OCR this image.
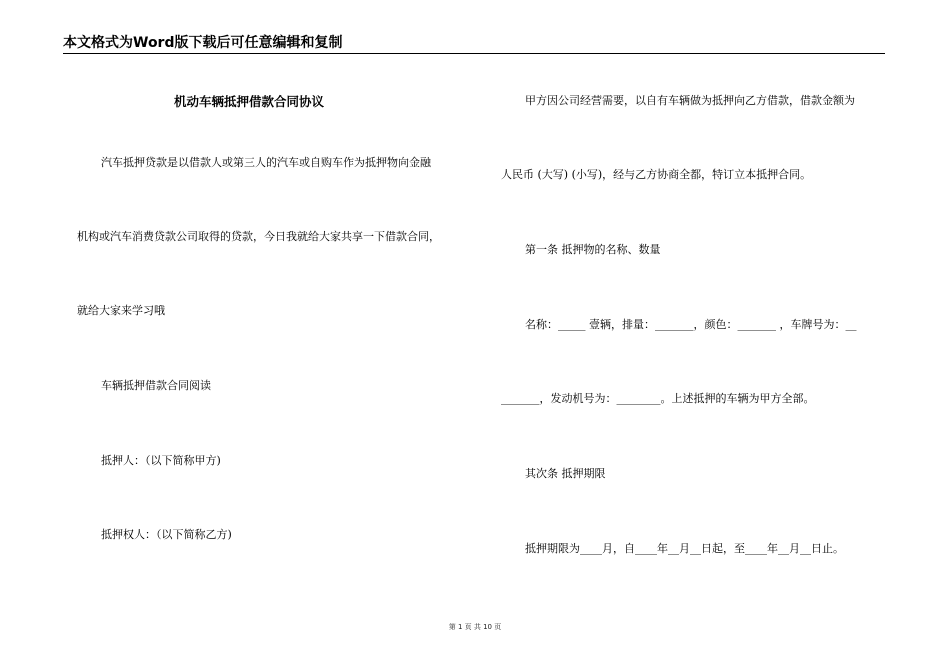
本文格式为Word版下载后可任意编辑和复制
机动车辆抵押借款合同协议
汽车抵押贷款是以借款人或第三人的汽车或自购车作为抵押物向金融
机构或汽车消费贷款公司取得的贷款，今日我就给大家共享一下借款合同，
就给大家来学习哦
车辆抵押借款合同阅读
抵押人：（以下简称甲方)
抵押权人：（以下简称乙方)
甲方因公司经营需要，以自有车辆做为抵押向乙方借款，借款金额为
人民币 (大写) (小写)，经与乙方协商全都，特订立本抵押合同。
第一条 抵押物的名称、数量
名称：_____ 壹辆，排量：_______，颜色：_______ ，车牌号为：__
_______，发动机号为：________。上述抵押的车辆为甲方全部。
其次条 抵押期限
抵押期限为____月，自____年__月__日起，至____年__月__日止。
第 1 页 共 10 页
